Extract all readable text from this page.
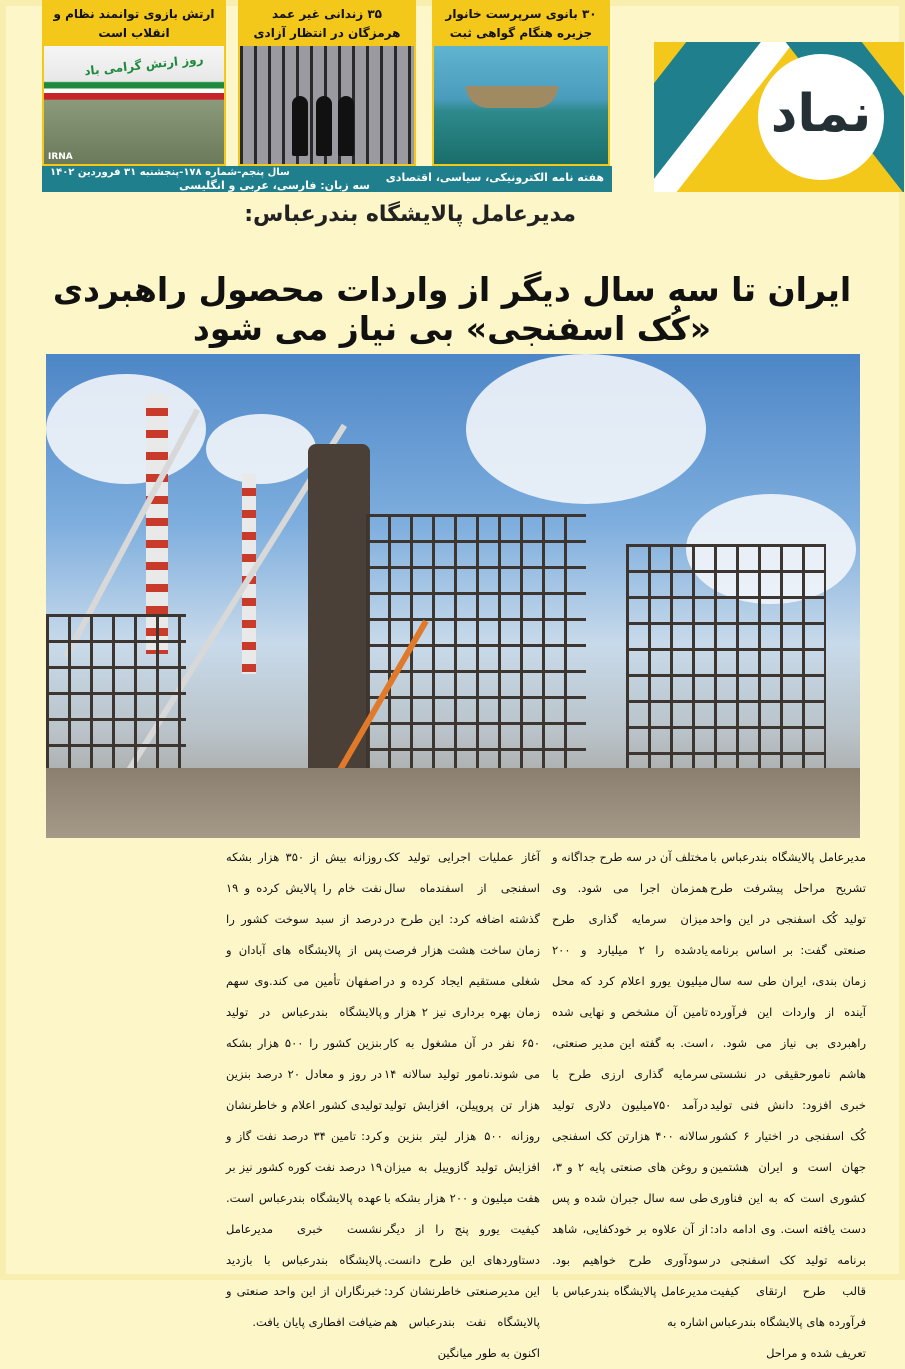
نماد
۳۰ بانوی سرپرست خانوار جزیره هنگام گواهی ثبت
۳۵ زندانی غیر عمد هرمزگان در انتظار آزادی
ارتش بازوی توانمند نظام و انقلاب است
روز ارتش گرامی باد
IRNA
هفته نامه الکترونیکی، سیاسی، اقتصادی
سال پنجم-شماره ۱۷۸-پنجشنبه ۳۱ فروردین ۱۴۰۲
سه زبان: فارسی، عربی و انگلیسی
مدیرعامل پالایشگاه بندرعباس:
ایران تا سه سال دیگر از واردات محصول راهبردی «کُک اسفنجی» بی نیاز می شود

مدیرعامل پالایشگاه بندرعباس با تشریح مراحل پیشرفت طرح تولید کُک اسفنجی در این واحد صنعتی گفت: بر اساس برنامه زمان بندی، ایران طی سه سال آینده از واردات این فرآورده راهبردی بی نیاز می شود. ، هاشم نامورحقیقی در نشستی خبری افزود: دانش فنی تولید کُک اسفنجی در اختیار ۶ کشور جهان است و ایران هشتمین کشوری است که به این فناوری دست یافته است. وی ادامه داد: برنامه تولید کک اسفنجی در قالب طرح ارتقای کیفیت فرآورده های پالایشگاه بندرعباس تعریف شده و مراحل

مختلف آن در سه طرح جداگانه و همزمان اجرا می شود. وی میزان سرمایه گذاری طرح یادشده را ۲ میلیارد و ۲۰۰ میلیون یورو اعلام کرد که محل تامین آن مشخص و نهایی شده است. به گفته این مدیر صنعتی، سرمایه گذاری ارزی طرح با درآمد ۷۵۰میلیون دلاری تولید سالانه ۴۰۰ هزارتن کک اسفنجی و روغن های صنعتی پایه ۲ و ۳، طی سه سال جبران شده و پس از آن علاوه بر خودکفایی، شاهد سودآوری طرح خواهیم بود. مدیرعامل پالایشگاه بندرعباس با اشاره به

آغاز عملیات اجرایی تولید کک اسفنجی از اسفندماه سال گذشته اضافه کرد: این طرح در زمان ساخت هشت هزار فرصت شغلی مستقیم ایجاد کرده و در زمان بهره برداری نیز ۲ هزار و ۶۵۰ نفر در آن مشغول به کار می شوند.نامور تولید سالانه ۱۴ هزار تن پروپیلن، افزایش تولید روزانه ۵۰۰ هزار لیتر بنزین و افزایش تولید گازوییل به میزان هفت میلیون و ۲۰۰ هزار بشکه با کیفیت یورو پنج را از دیگر دستاوردهای این طرح دانست. این مدیرصنعتی خاطرنشان کرد: پالایشگاه نفت بندرعباس هم اکنون به طور میانگین

روزانه بیش از ۳۵۰ هزار بشکه نفت خام را پالایش کرده و ۱۹ درصد از سبد سوخت کشور را پس از پالایشگاه های آبادان و اصفهان تأمین می کند.وی سهم پالایشگاه بندرعباس در تولید بنزین کشور را ۵۰۰ هزار بشکه در روز و معادل ۲۰ درصد بنزین تولیدی کشور اعلام و خاطرنشان کرد: تامین ۳۴ درصد نفت گاز و ۱۹ درصد نفت کوره کشور نیز بر عهده پالایشگاه بندرعباس است. نشست خبری مدیرعامل پالایشگاه بندرعباس با بازدید خبرنگاران از این واحد صنعتی و ضیافت افطاری پایان یافت.
